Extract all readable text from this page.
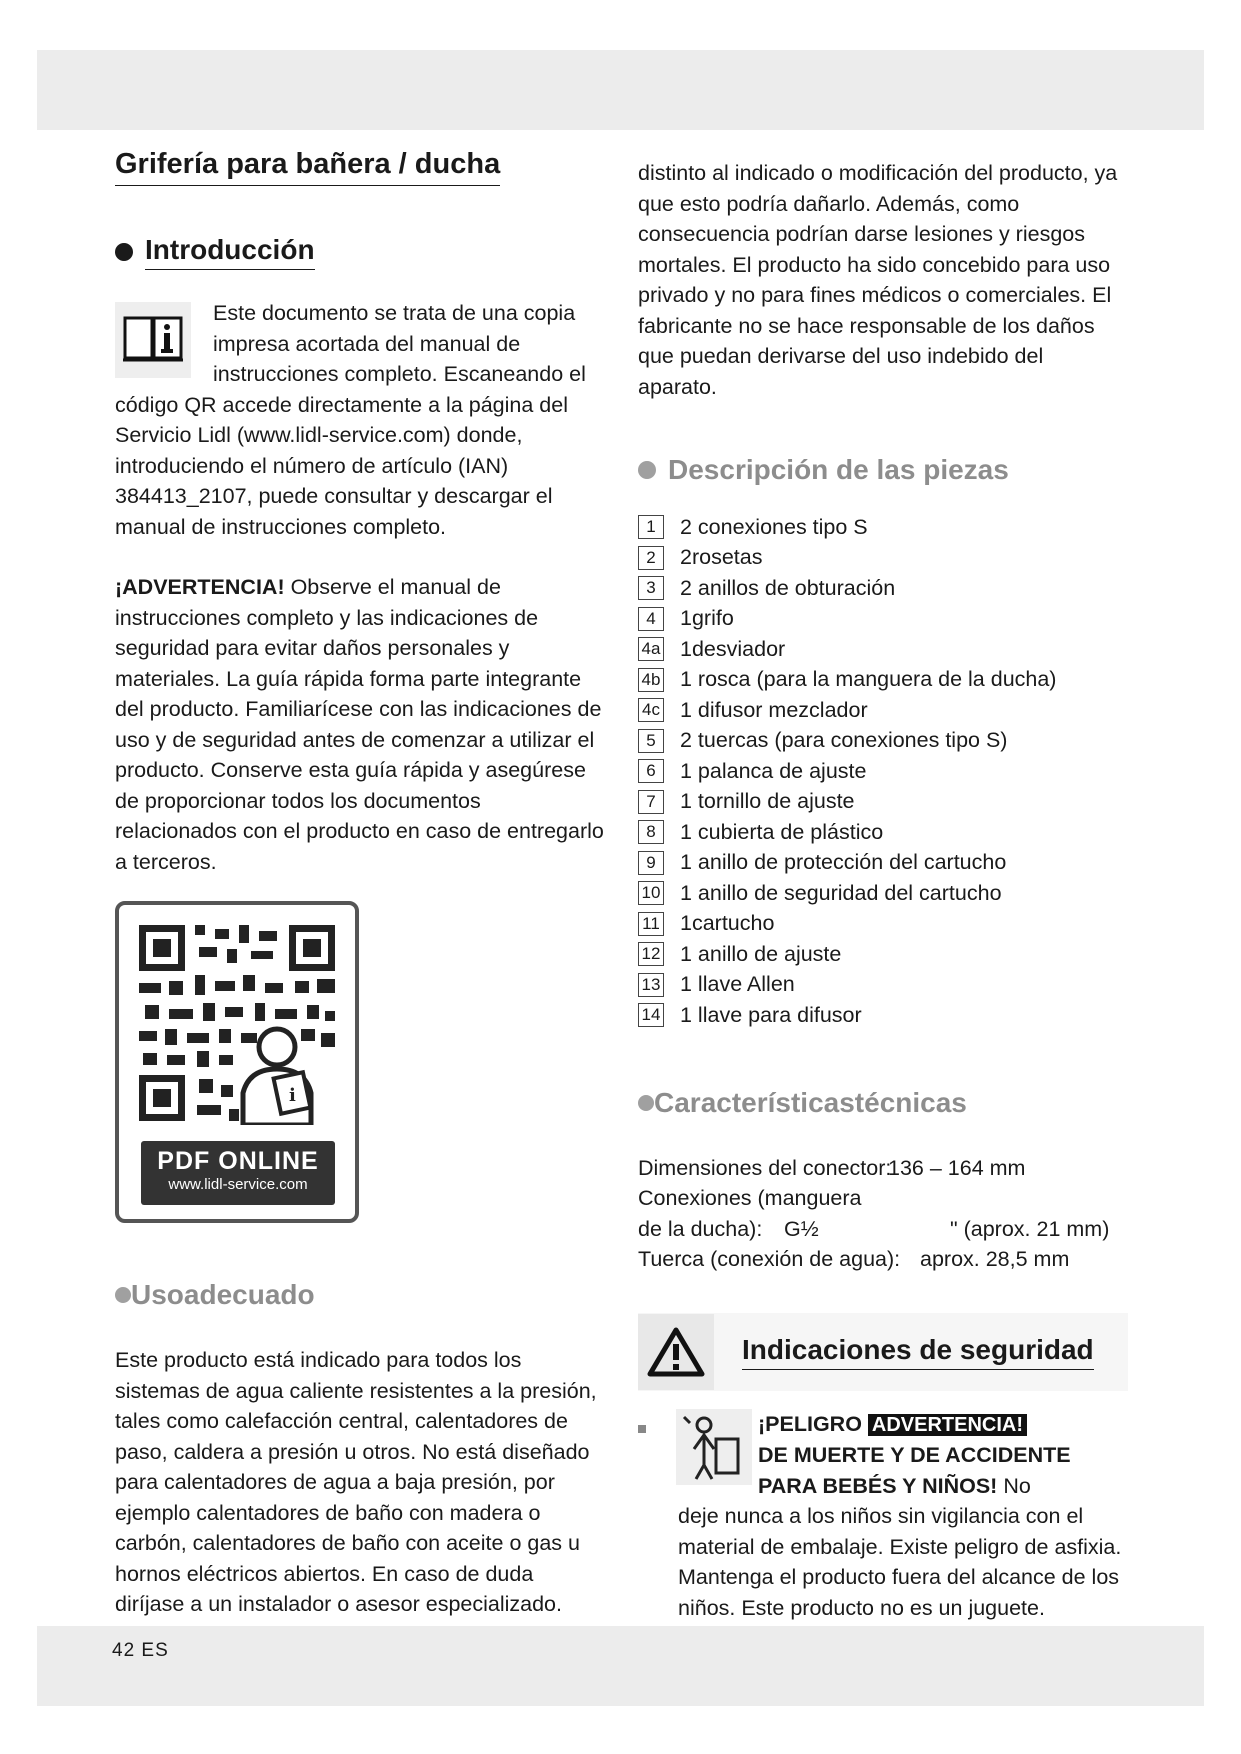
Grifería para bañera / ducha
Introducción

Este documento se trata de una copia impresa acortada del manual de instrucciones completo. Escaneando el código QR accede directamente a la página del Servicio Lidl (www.lidl-service.com) donde, introduciendo el número de artículo (IAN) 384413_2107, puede consultar y descargar el manual de instrucciones completo.

¡ADVERTENCIA! Observe el manual de instrucciones completo y las indicaciones de seguridad para evitar daños personales y materiales. La guía rápida forma parte integrante del producto. Familiarícese con las indicaciones de uso y de seguridad antes de comenzar a utilizar el producto. Conserve esta guía rápida y asegúrese de proporcionar todos los documentos relacionados con el producto en caso de entregarlo a terceros.

i
PDF ONLINE
www.lidl-service.com
Usoadecuado

Este producto está indicado para todos los sistemas de agua caliente resistentes a la presión, tales como calefacción central, calentadores de paso, caldera a presión u otros. No está diseñado para calentadores de agua a baja presión, por ejemplo calentadores de baño con madera o carbón, calentadores de baño con aceite o gas u hornos eléctricos abiertos. En caso de duda diríjase a un instalador o asesor especializado.

distinto al indicado o modificación del producto, ya que esto podría dañarlo. Además, como consecuencia podrían darse lesiones y riesgos mortales. El producto ha sido concebido para uso privado y no para fines médicos o comerciales. El fabricante no se hace responsable de los daños que puedan derivarse del uso indebido del aparato.

Descripción de las piezas
1	2 conexiones tipo S
2	2rosetas
3	2 anillos de obturación
4	1grifo
4a 1desviador
4b 1 rosca (para la manguera de la ducha)
4c 1 difusor mezclador
5	2 tuercas (para conexiones tipo S)
6	1 palanca de ajuste
7	1 tornillo de ajuste
8	1 cubierta de plástico
9	1 anillo de protección del cartucho
10 1 anillo de seguridad del cartucho
11 1cartucho
12 1 anillo de ajuste
13 1 llave Allen
14 1 llave para difusor
Característicastécnicas
Dimensiones del conector:
136 – 164 mm
Conexiones (manguera
de la ducha): G½	" (aprox. 21 mm)
Tuerca (conexión de agua): aprox. 28,5 mm
Indicaciones de seguridad

¡PELIGRO ADVERTENCIA!

DE MUERTE Y DE ACCIDENTE

PARA BEBÉS Y NIÑOS! No

deje nunca a los niños sin vigilancia con el material de embalaje. Existe peligro de asfixia. Mantenga el producto fuera del alcance de los niños. Este producto no es un juguete.

42 ES
